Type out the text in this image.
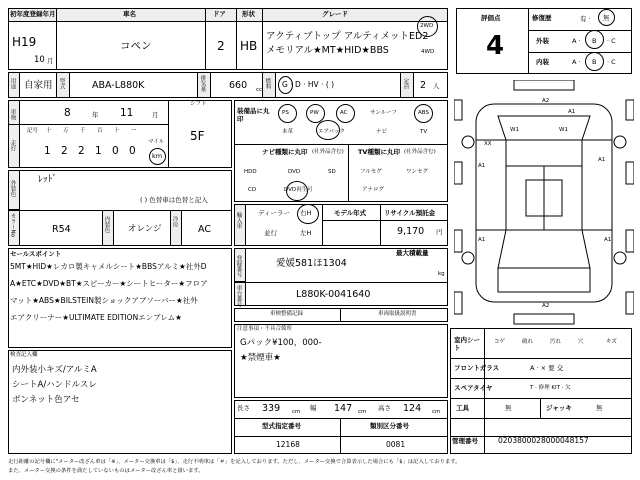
初年度登録年月	車名	ドア 形状	グレード
H19
10 月
コペン	2 HB
アクティブトップ アルティメットED2
メモリアル★MT★HID★BBS
2WD
4WD
用途 自家用 型式	ABA-L880K	排気量 660 cc
燃料 G · D · HV · ( )	定員 2 人
評価点
4
修復歴	有 · 無
外装	A · B · C
内装	A · B · C
車検
走行
8	年 11	月
シフト
5F
記号 十 万 千 百 十 一
1 2 2 1 0 0
マイル
km
装備品に丸印
PS	PW	AC	サンルーフ	ABS
本革	エアバック	ナビ	TV
ナビ種類に丸印 (社外品含む) TV種類に丸印 (社外品含む)
HDD	DVD	SD
CD	DVD再生可
フルセグ	ワンセグ
アナログ
外装色
ﾚｯﾄﾞ
( ) 色替車は色替と記入
カラーNo	R54	内装色 オレンジ
冷房
AC
輸入車	ディーラー 右H
並行	左H
モデル年式	リサイクル預託金
9,170 円
セールスポイント
5MT★HID★レカロ製キャメルシート★BBSアルミ★社外D
A★ETC★DVD★BT★スピーカー★シートヒーター★フロア
マット★ABS★BILSTEIN製ショックアブソーバー★社外
エアクリーナー★ULTIMATE EDITIONエンブレム★
登録番号	愛媛581ほ1304
最大積載量
kg
車台番号	L880K-0041640
車検整備記録	車両取扱説明書
注意事項・不具合箇所
Gパック¥100，000-
★禁煙車★
検査記入欄
内外装小キズ/アルミA
シートA/ハンドルスレ
ボンネット色アセ
長さ 339 cm 幅 147 cm 高さ 124 cm
型式指定番号	類別区分番号
12168	0081
A2
A1
W1	W1
XX
A1
A1
A1	A1
A2
室内シート
コゲ	破れ	汚れ	穴	キズ
フロントガラス	A · × 要 交
スペアタイヤ	T · 修理 KIT · 欠
工具	無	ジャッキ	無
管理番号	0203800028000048157
走行距離の記号欄に"メーター改ざん車は「※」、メーター交換車は「$」、走行不明車は「＃」を記入しております。ただし、メーター交換で合算表示した場合にも「$」は記入しております。
また、メーター交換の条件を満たしていないものはメーター改ざん車と扱います。
